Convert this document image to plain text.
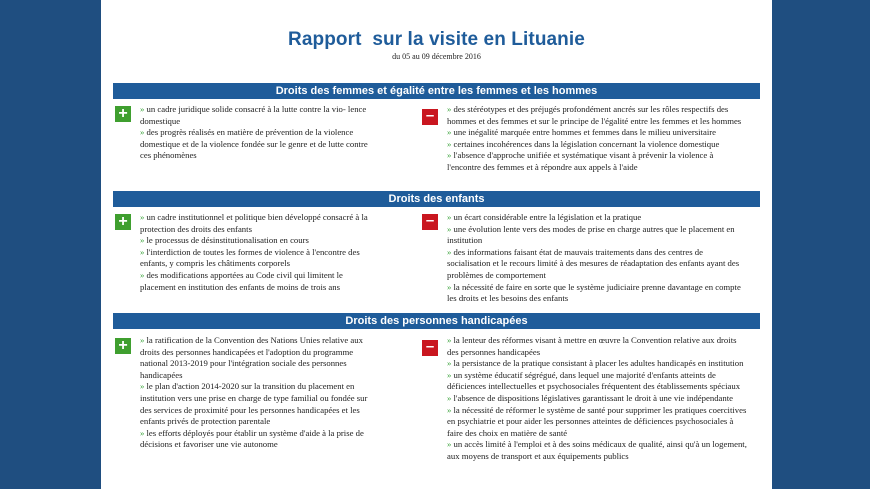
Rapport  sur la visite en Lituanie
du 05 au 09 décembre 2016
Droits des femmes et égalité entre les femmes et les hommes
+	» un cadre juridique solide consacré à la lutte contre la vio- lence domestique

» des progrès réalisés en matière de prévention de la violence domestique et de la violence fondée sur le genre et de lutte contre ces phénomènes

–	» des stéréotypes et des préjugés profondément ancrés sur les rôles respectifs des hommes et des femmes et sur le principe de l'égalité entre les femmes et les hommes

» une inégalité marquée entre hommes et femmes dans le milieu universitaire

» certaines incohérences dans la législation concernant la violence domestique

» l'absence d'approche unifiée et systématique visant à prévenir la violence à l'encontre des femmes et à répondre aux appels à l'aide

Droits des enfants
+	» un cadre institutionnel et politique bien développé consacré à la protection des droits des enfants

» le processus de désinstitutionalisation en cours

» l'interdiction de toutes les formes de violence à l'encontre des enfants, y compris les châtiments corporels

» des modifications apportées au Code civil qui limitent le placement en institution des enfants de moins de trois ans

–	» un écart considérable entre la législation et la pratique

» une évolution lente vers des modes de prise en charge autres que le placement en institution

» des informations faisant état de mauvais traitements dans des centres de socialisation et le recours limité à des mesures de réadaptation des enfants ayant des problèmes de comportement

» la nécessité de faire en sorte que le système judiciaire prenne davantage en compte les droits et les besoins des enfants

Droits des personnes handicapées
+	» la ratification de la Convention des Nations Unies relative aux droits des personnes handicapées et l'adoption du programme national 2013-2019 pour l'intégration sociale des personnes handicapées

» le plan d'action 2014-2020 sur la transition du placement en institution vers une prise en charge de type familial ou fondée sur des services de proximité pour les personnes handicapées et les enfants privés de protection parentale

» les efforts déployés pour établir un système d'aide à la prise de décisions et favoriser une vie autonome

–	» la lenteur des réformes visant à mettre en œuvre la Convention relative aux droits des personnes handicapées

» la persistance de la pratique consistant à placer les adultes handicapés en institution

» un système éducatif ségrégué, dans lequel une majorité d'enfants atteints de déficiences intellectuelles et psychosociales fréquentent des établissements spéciaux

» l'absence de dispositions législatives garantissant le droit à une vie indépendante

» la nécessité de réformer le système de santé pour supprimer les pratiques coercitives en psychiatrie et pour aider les personnes atteintes de déficiences psychosociales à faire des choix en matière de santé

» un accès limité à l'emploi et à des soins médicaux de qualité, ainsi qu'à un logement, aux moyens de transport et aux équipements publics
